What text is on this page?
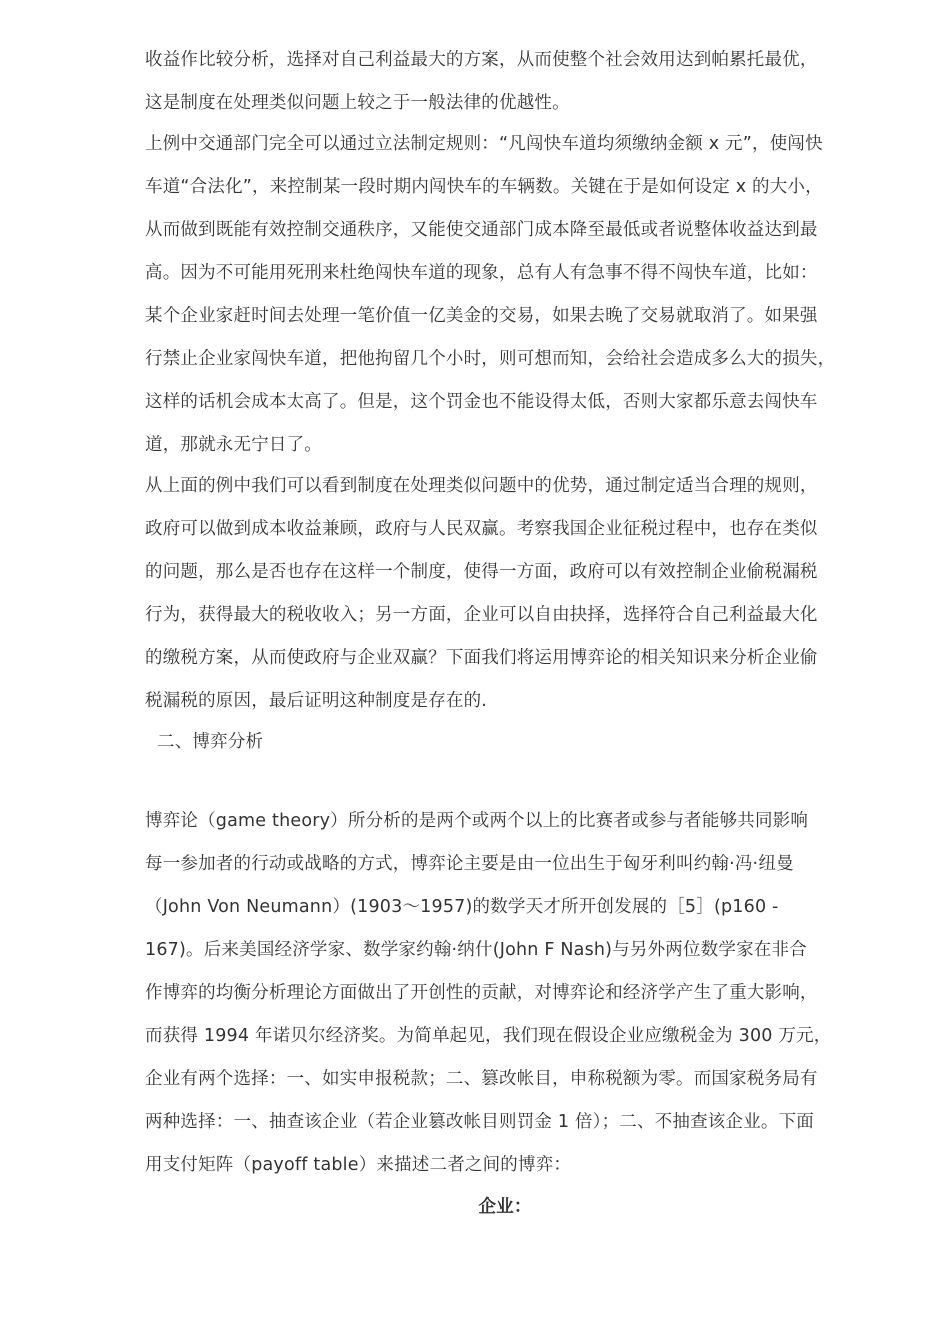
收益作比较分析，选择对自己利益最大的方案，从而使整个社会效用达到帕累托最优，
这是制度在处理类似问题上较之于一般法律的优越性。
上例中交通部门完全可以通过立法制定规则：“凡闯快车道均须缴纳金额 x 元”，使闯快
车道“合法化”，来控制某一段时期内闯快车的车辆数。关键在于是如何设定 x 的大小，
从而做到既能有效控制交通秩序，又能使交通部门成本降至最低或者说整体收益达到最
高。因为不可能用死刑来杜绝闯快车道的现象，总有人有急事不得不闯快车道，比如：
某个企业家赶时间去处理一笔价值一亿美金的交易，如果去晚了交易就取消了。如果强
行禁止企业家闯快车道，把他拘留几个小时，则可想而知，会给社会造成多么大的损失，
这样的话机会成本太高了。但是，这个罚金也不能设得太低，否则大家都乐意去闯快车
道，那就永无宁日了。
从上面的例中我们可以看到制度在处理类似问题中的优势，通过制定适当合理的规则，
政府可以做到成本收益兼顾，政府与人民双赢。考察我国企业征税过程中，也存在类似
的问题，那么是否也存在这样一个制度，使得一方面，政府可以有效控制企业偷税漏税
行为，获得最大的税收收入；另一方面，企业可以自由抉择，选择符合自己利益最大化
的缴税方案，从而使政府与企业双赢？下面我们将运用博弈论的相关知识来分析企业偷
税漏税的原因，最后证明这种制度是存在的.
二、博弈分析
博弈论（game theory）所分析的是两个或两个以上的比赛者或参与者能够共同影响
每一参加者的行动或战略的方式，博弈论主要是由一位出生于匈牙利叫约翰·冯·纽曼
（John Von Neumann）(1903～1957)的数学天才所开创发展的［5］(p160 -
167)。后来美国经济学家、数学家约翰·纳什(John F Nash)与另外两位数学家在非合
作博弈的均衡分析理论方面做出了开创性的贡献，对博弈论和经济学产生了重大影响，
而获得 1994 年诺贝尔经济奖。为简单起见，我们现在假设企业应缴税金为 300 万元，
企业有两个选择：一、如实申报税款；二、篡改帐目，申称税额为零。而国家税务局有
两种选择：一、抽查该企业（若企业篡改帐目则罚金 1 倍）；二、不抽查该企业。下面
用支付矩阵（payoff table）来描述二者之间的博弈：
企业：
